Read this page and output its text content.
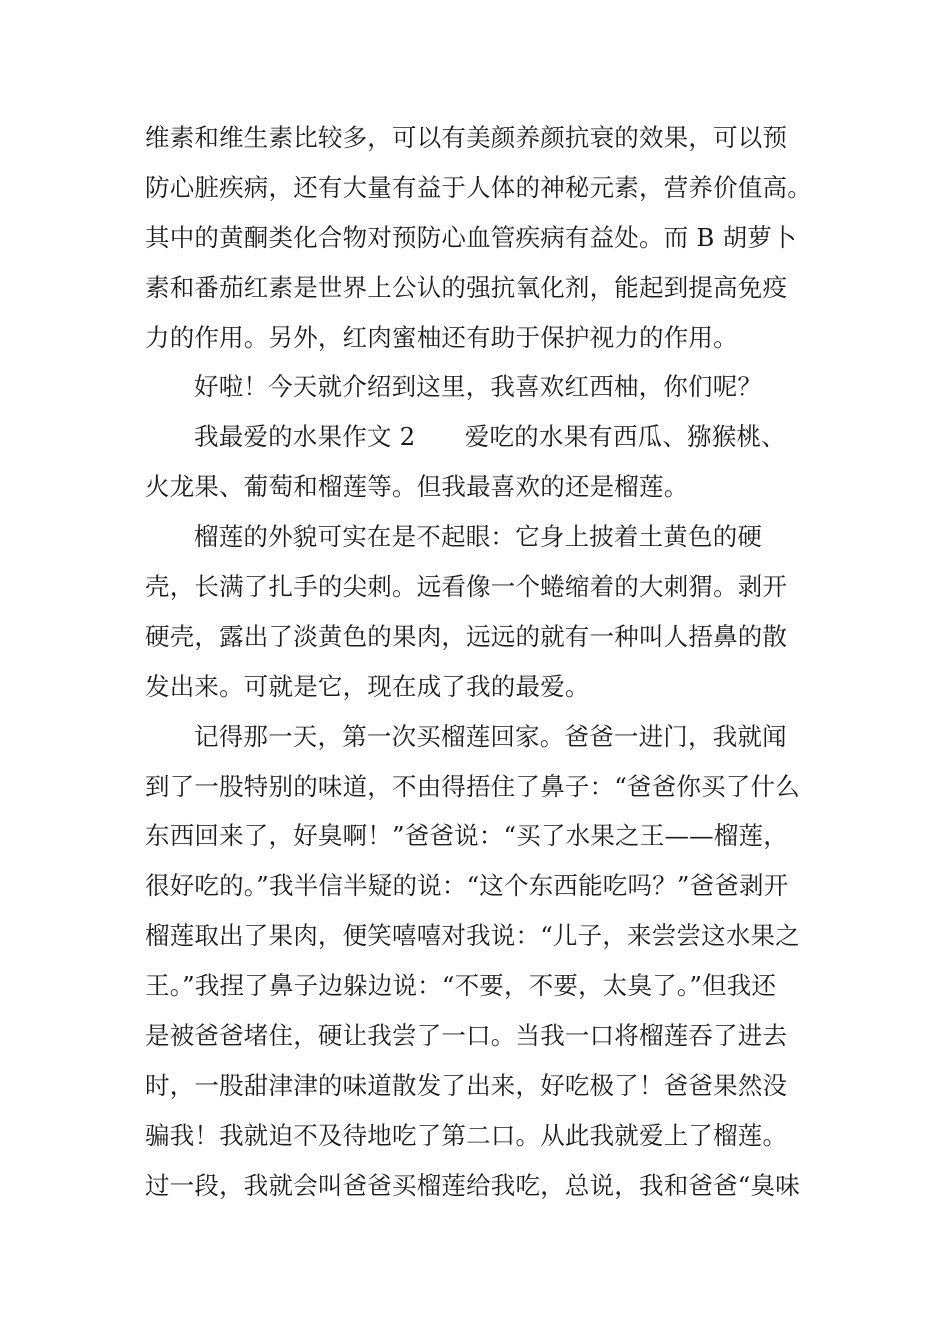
维素和维生素比较多，可以有美颜养颜抗衰的效果，可以预
防心脏疾病，还有大量有益于人体的神秘元素，营养价值高。
其中的黄酮类化合物对预防心血管疾病有益处。而 B 胡萝卜
素和番茄红素是世界上公认的强抗氧化剂，能起到提高免疫
力的作用。另外，红肉蜜柚还有助于保护视力的作用。
好啦！今天就介绍到这里，我喜欢红西柚，你们呢？
我最爱的水果作文 2　　爱吃的水果有西瓜、猕猴桃、
火龙果、葡萄和榴莲等。但我最喜欢的还是榴莲。
榴莲的外貌可实在是不起眼：它身上披着土黄色的硬
壳，长满了扎手的尖刺。远看像一个蜷缩着的大刺猬。剥开
硬壳，露出了淡黄色的果肉，远远的就有一种叫人捂鼻的散
发出来。可就是它，现在成了我的最爱。
记得那一天，第一次买榴莲回家。爸爸一进门，我就闻
到了一股特别的味道，不由得捂住了鼻子：“爸爸你买了什么
东西回来了，好臭啊！”爸爸说：“买了水果之王——榴莲，
很好吃的。”我半信半疑的说：“这个东西能吃吗？”爸爸剥开
榴莲取出了果肉，便笑嘻嘻对我说：“儿子，来尝尝这水果之
王。”我捏了鼻子边躲边说：“不要，不要，太臭了。”但我还
是被爸爸堵住，硬让我尝了一口。当我一口将榴莲吞了进去
时，一股甜津津的味道散发了出来，好吃极了！爸爸果然没
骗我！我就迫不及待地吃了第二口。从此我就爱上了榴莲。
过一段，我就会叫爸爸买榴莲给我吃，总说，我和爸爸“臭味
